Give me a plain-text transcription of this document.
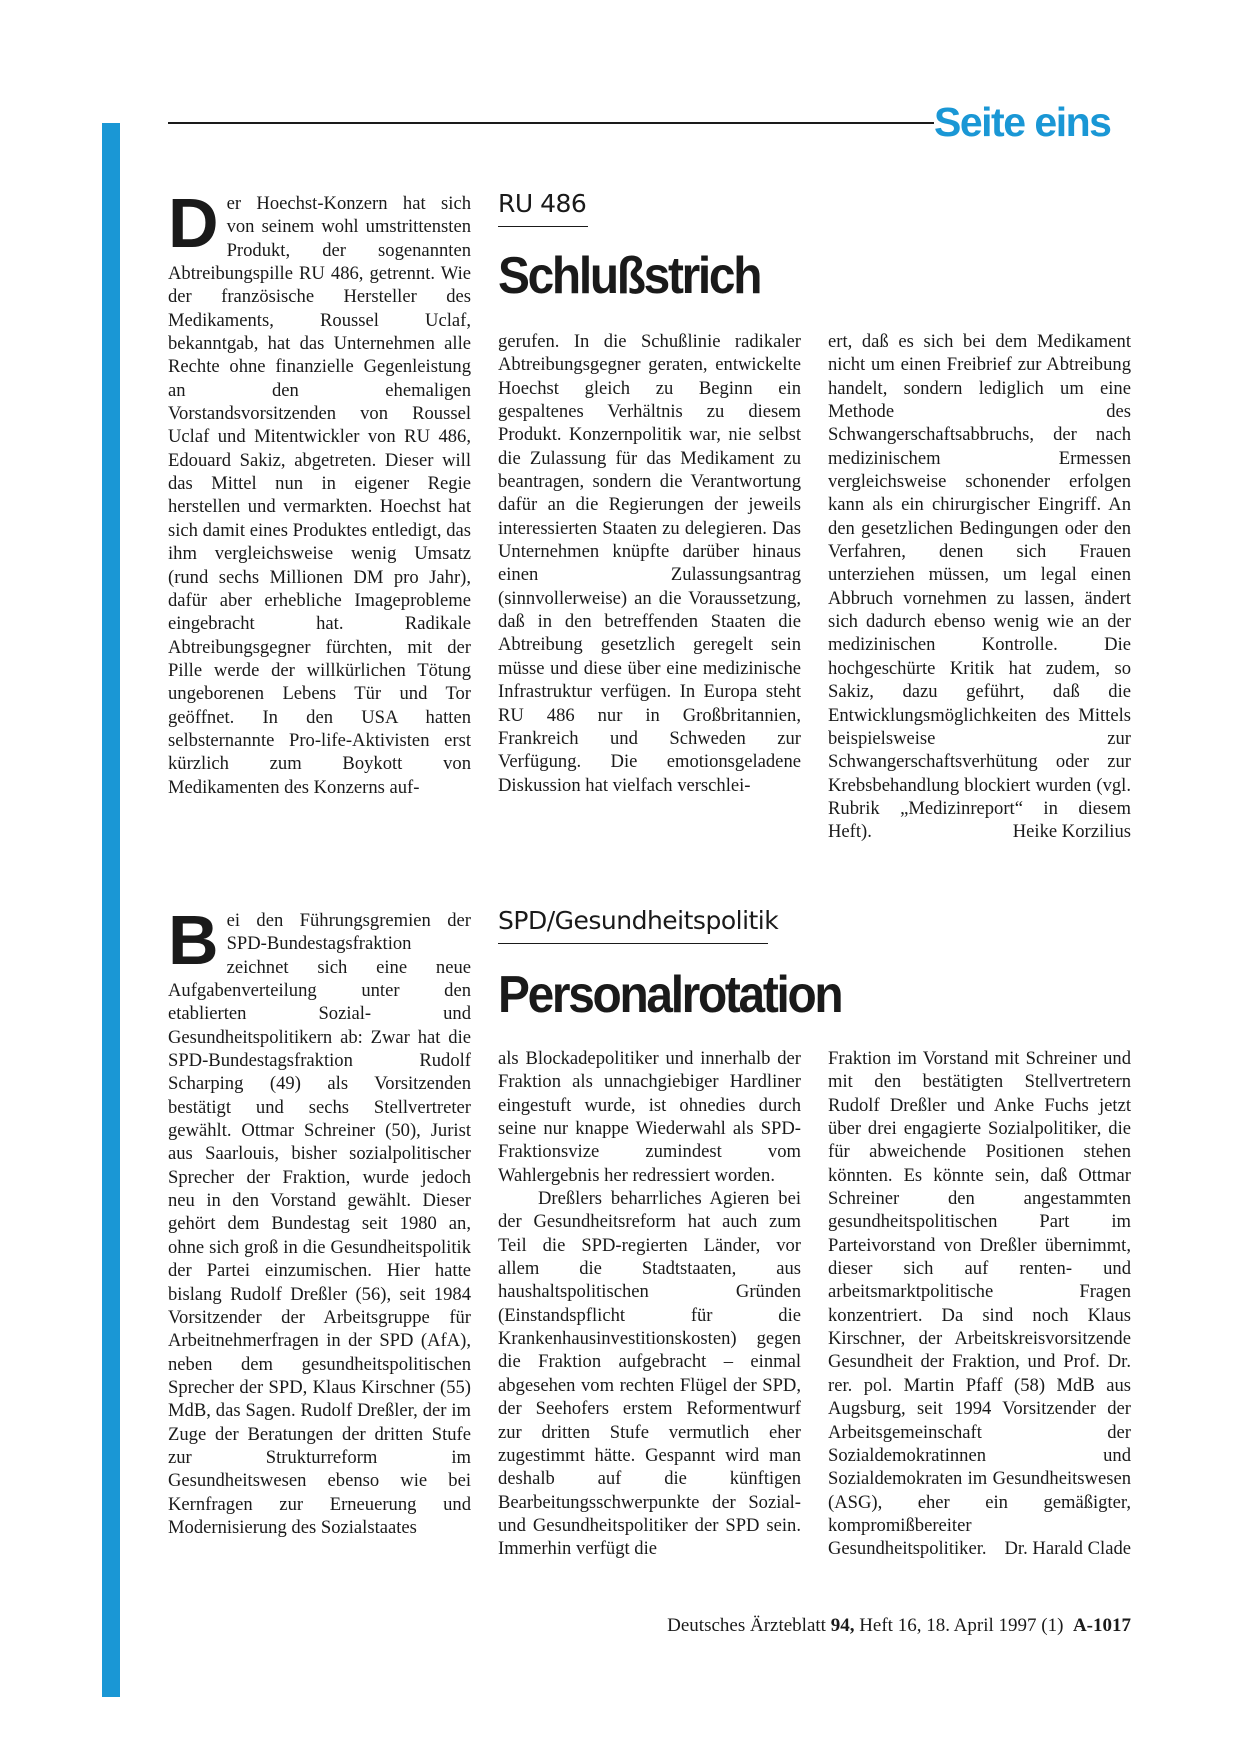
Seite eins

Der Hoechst-Konzern hat sich von seinem wohl umstrittensten Produkt, der sogenannten Abtreibungspille RU 486, getrennt. Wie der französische Hersteller des Medikaments, Roussel Uclaf, bekanntgab, hat das Unternehmen alle Rechte ohne finanzielle Gegenleistung an den ehemaligen Vorstandsvorsitzenden von Roussel Uclaf und Mitentwickler von RU 486, Edouard Sakiz, abgetreten. Dieser will das Mittel nun in eigener Regie herstellen und vermarkten. Hoechst hat sich damit eines Produktes entledigt, das ihm vergleichsweise wenig Umsatz (rund sechs Millionen DM pro Jahr), dafür aber erhebliche Imageprobleme eingebracht hat. Radikale Abtreibungsgegner fürchten, mit der Pille werde der willkürlichen Tötung ungeborenen Lebens Tür und Tor geöffnet. In den USA hatten selbsternannte Pro-life-Aktivisten erst kürzlich zum Boykott von Medikamenten des Konzerns auf-

RU 486
Schlußstrich

gerufen. In die Schußlinie radikaler Abtreibungsgegner geraten, entwickelte Hoechst gleich zu Beginn ein gespaltenes Verhältnis zu diesem Produkt. Konzernpolitik war, nie selbst die Zulassung für das Medikament zu beantragen, sondern die Verantwortung dafür an die Regierungen der jeweils interessierten Staaten zu delegieren. Das Unternehmen knüpfte darüber hinaus einen Zulassungsantrag (sinnvollerweise) an die Voraussetzung, daß in den betreffenden Staaten die Abtreibung gesetzlich geregelt sein müsse und diese über eine medizinische Infrastruktur verfügen. In Europa steht RU 486 nur in Großbritannien, Frankreich und Schweden zur Verfügung. Die emotionsgeladene Diskussion hat vielfach verschlei-

ert, daß es sich bei dem Medikament nicht um einen Freibrief zur Abtreibung handelt, sondern lediglich um eine Methode des Schwangerschaftsabbruchs, der nach medizinischem Ermessen vergleichsweise schonender erfolgen kann als ein chirurgischer Eingriff. An den gesetzlichen Bedingungen oder den Verfahren, denen sich Frauen unterziehen müssen, um legal einen Abbruch vornehmen zu lassen, ändert sich dadurch ebenso wenig wie an der medizinischen Kontrolle. Die hochgeschürte Kritik hat zudem, so Sakiz, dazu geführt, daß die Entwicklungsmöglichkeiten des Mittels beispielsweise zur Schwangerschaftsverhütung oder zur Krebsbehandlung blockiert wurden (vgl. Rubrik „Medizinreport“ in diesem Heft).	Heike Korzilius

Bei den Führungsgremien der SPD-Bundestagsfraktion zeichnet sich eine neue Aufgabenverteilung unter den etablierten Sozial- und Gesundheitspolitikern ab: Zwar hat die SPD-Bundestagsfraktion Rudolf Scharping (49) als Vorsitzenden bestätigt und sechs Stellvertreter gewählt. Ottmar Schreiner (50), Jurist aus Saarlouis, bisher sozialpolitischer Sprecher der Fraktion, wurde jedoch neu in den Vorstand gewählt. Dieser gehört dem Bundestag seit 1980 an, ohne sich groß in die Gesundheitspolitik der Partei einzumischen. Hier hatte bislang Rudolf Dreßler (56), seit 1984 Vorsitzender der Arbeitsgruppe für Arbeitnehmerfragen in der SPD (AfA), neben dem gesundheitspolitischen Sprecher der SPD, Klaus Kirschner (55) MdB, das Sagen. Rudolf Dreßler, der im Zuge der Beratungen der dritten Stufe zur Strukturreform im Gesundheitswesen ebenso wie bei Kernfragen zur Erneuerung und Modernisierung des Sozialstaates

SPD/Gesundheitspolitik
Personalrotation

als Blockadepolitiker und innerhalb der Fraktion als unnachgiebiger Hardliner eingestuft wurde, ist ohnedies durch seine nur knappe Wiederwahl als SPD-Fraktionsvize zumindest vom Wahlergebnis her redressiert worden.

Dreßlers beharrliches Agieren bei der Gesundheitsreform hat auch zum Teil die SPD-regierten Länder, vor allem die Stadtstaaten, aus haushaltspolitischen Gründen (Einstandspflicht für die Krankenhausinvestitionskosten) gegen die Fraktion aufgebracht – einmal abgesehen vom rechten Flügel der SPD, der Seehofers erstem Reformentwurf zur dritten Stufe vermutlich eher zugestimmt hätte. Gespannt wird man deshalb auf die künftigen Bearbeitungsschwerpunkte der Sozial- und Gesundheitspolitiker der SPD sein. Immerhin verfügt die

Fraktion im Vorstand mit Schreiner und mit den bestätigten Stellvertretern Rudolf Dreßler und Anke Fuchs jetzt über drei engagierte Sozialpolitiker, die für abweichende Positionen stehen könnten. Es könnte sein, daß Ottmar Schreiner den angestammten gesundheitspolitischen Part im Parteivorstand von Dreßler übernimmt, dieser sich auf renten- und arbeitsmarktpolitische Fragen konzentriert. Da sind noch Klaus Kirschner, der Arbeitskreisvorsitzende Gesundheit der Fraktion, und Prof. Dr. rer. pol. Martin Pfaff (58) MdB aus Augsburg, seit 1994 Vorsitzender der Arbeitsgemeinschaft der Sozialdemokratinnen und Sozialdemokraten im Gesundheitswesen (ASG), eher ein gemäßigter, kompromißbereiter Gesundheitspolitiker. Dr. Harald Clade

Deutsches Ärzteblatt 94, Heft 16, 18. April 1997 (1) A-1017
